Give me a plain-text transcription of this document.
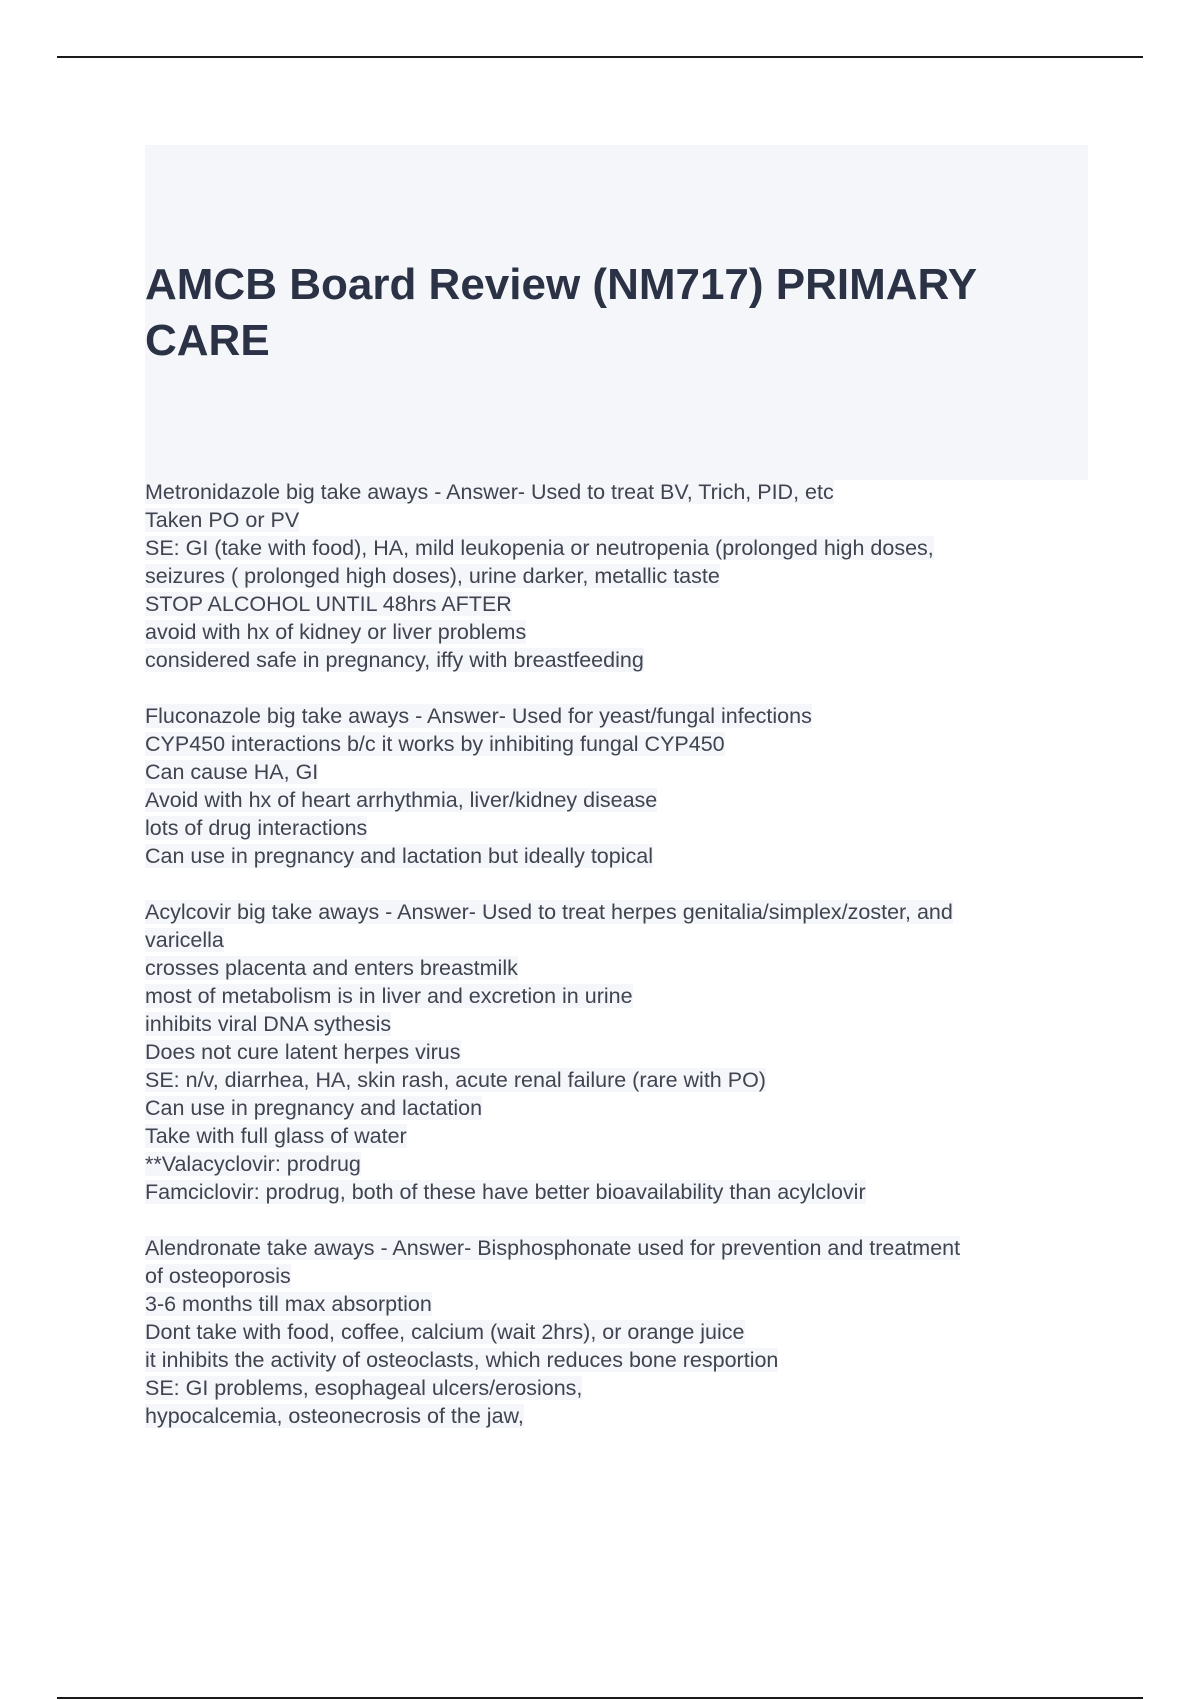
AMCB Board Review (NM717) PRIMARY CARE
Metronidazole big take aways - Answer- Used to treat BV, Trich, PID, etc
Taken PO or PV
SE: GI (take with food), HA, mild leukopenia or neutropenia (prolonged high doses,
seizures ( prolonged high doses), urine darker, metallic taste
STOP ALCOHOL UNTIL 48hrs AFTER
avoid with hx of kidney or liver problems
considered safe in pregnancy, iffy with breastfeeding
Fluconazole big take aways - Answer- Used for yeast/fungal infections
CYP450 interactions b/c it works by inhibiting fungal CYP450
Can cause HA, GI
Avoid with hx of heart arrhythmia, liver/kidney disease
lots of drug interactions
Can use in pregnancy and lactation but ideally topical
Acylcovir big take aways - Answer- Used to treat herpes genitalia/simplex/zoster, and
varicella
crosses placenta and enters breastmilk
most of metabolism is in liver and excretion in urine
inhibits viral DNA sythesis
Does not cure latent herpes virus
SE: n/v, diarrhea, HA, skin rash, acute renal failure (rare with PO)
Can use in pregnancy and lactation
Take with full glass of water
**Valacyclovir: prodrug
Famciclovir: prodrug, both of these have better bioavailability than acylclovir
Alendronate take aways - Answer- Bisphosphonate used for prevention and treatment
of osteoporosis
3-6 months till max absorption
Dont take with food, coffee, calcium (wait 2hrs), or orange juice
it inhibits the activity of osteoclasts, which reduces bone resportion
SE: GI problems, esophageal ulcers/erosions,
hypocalcemia, osteonecrosis of the jaw,
